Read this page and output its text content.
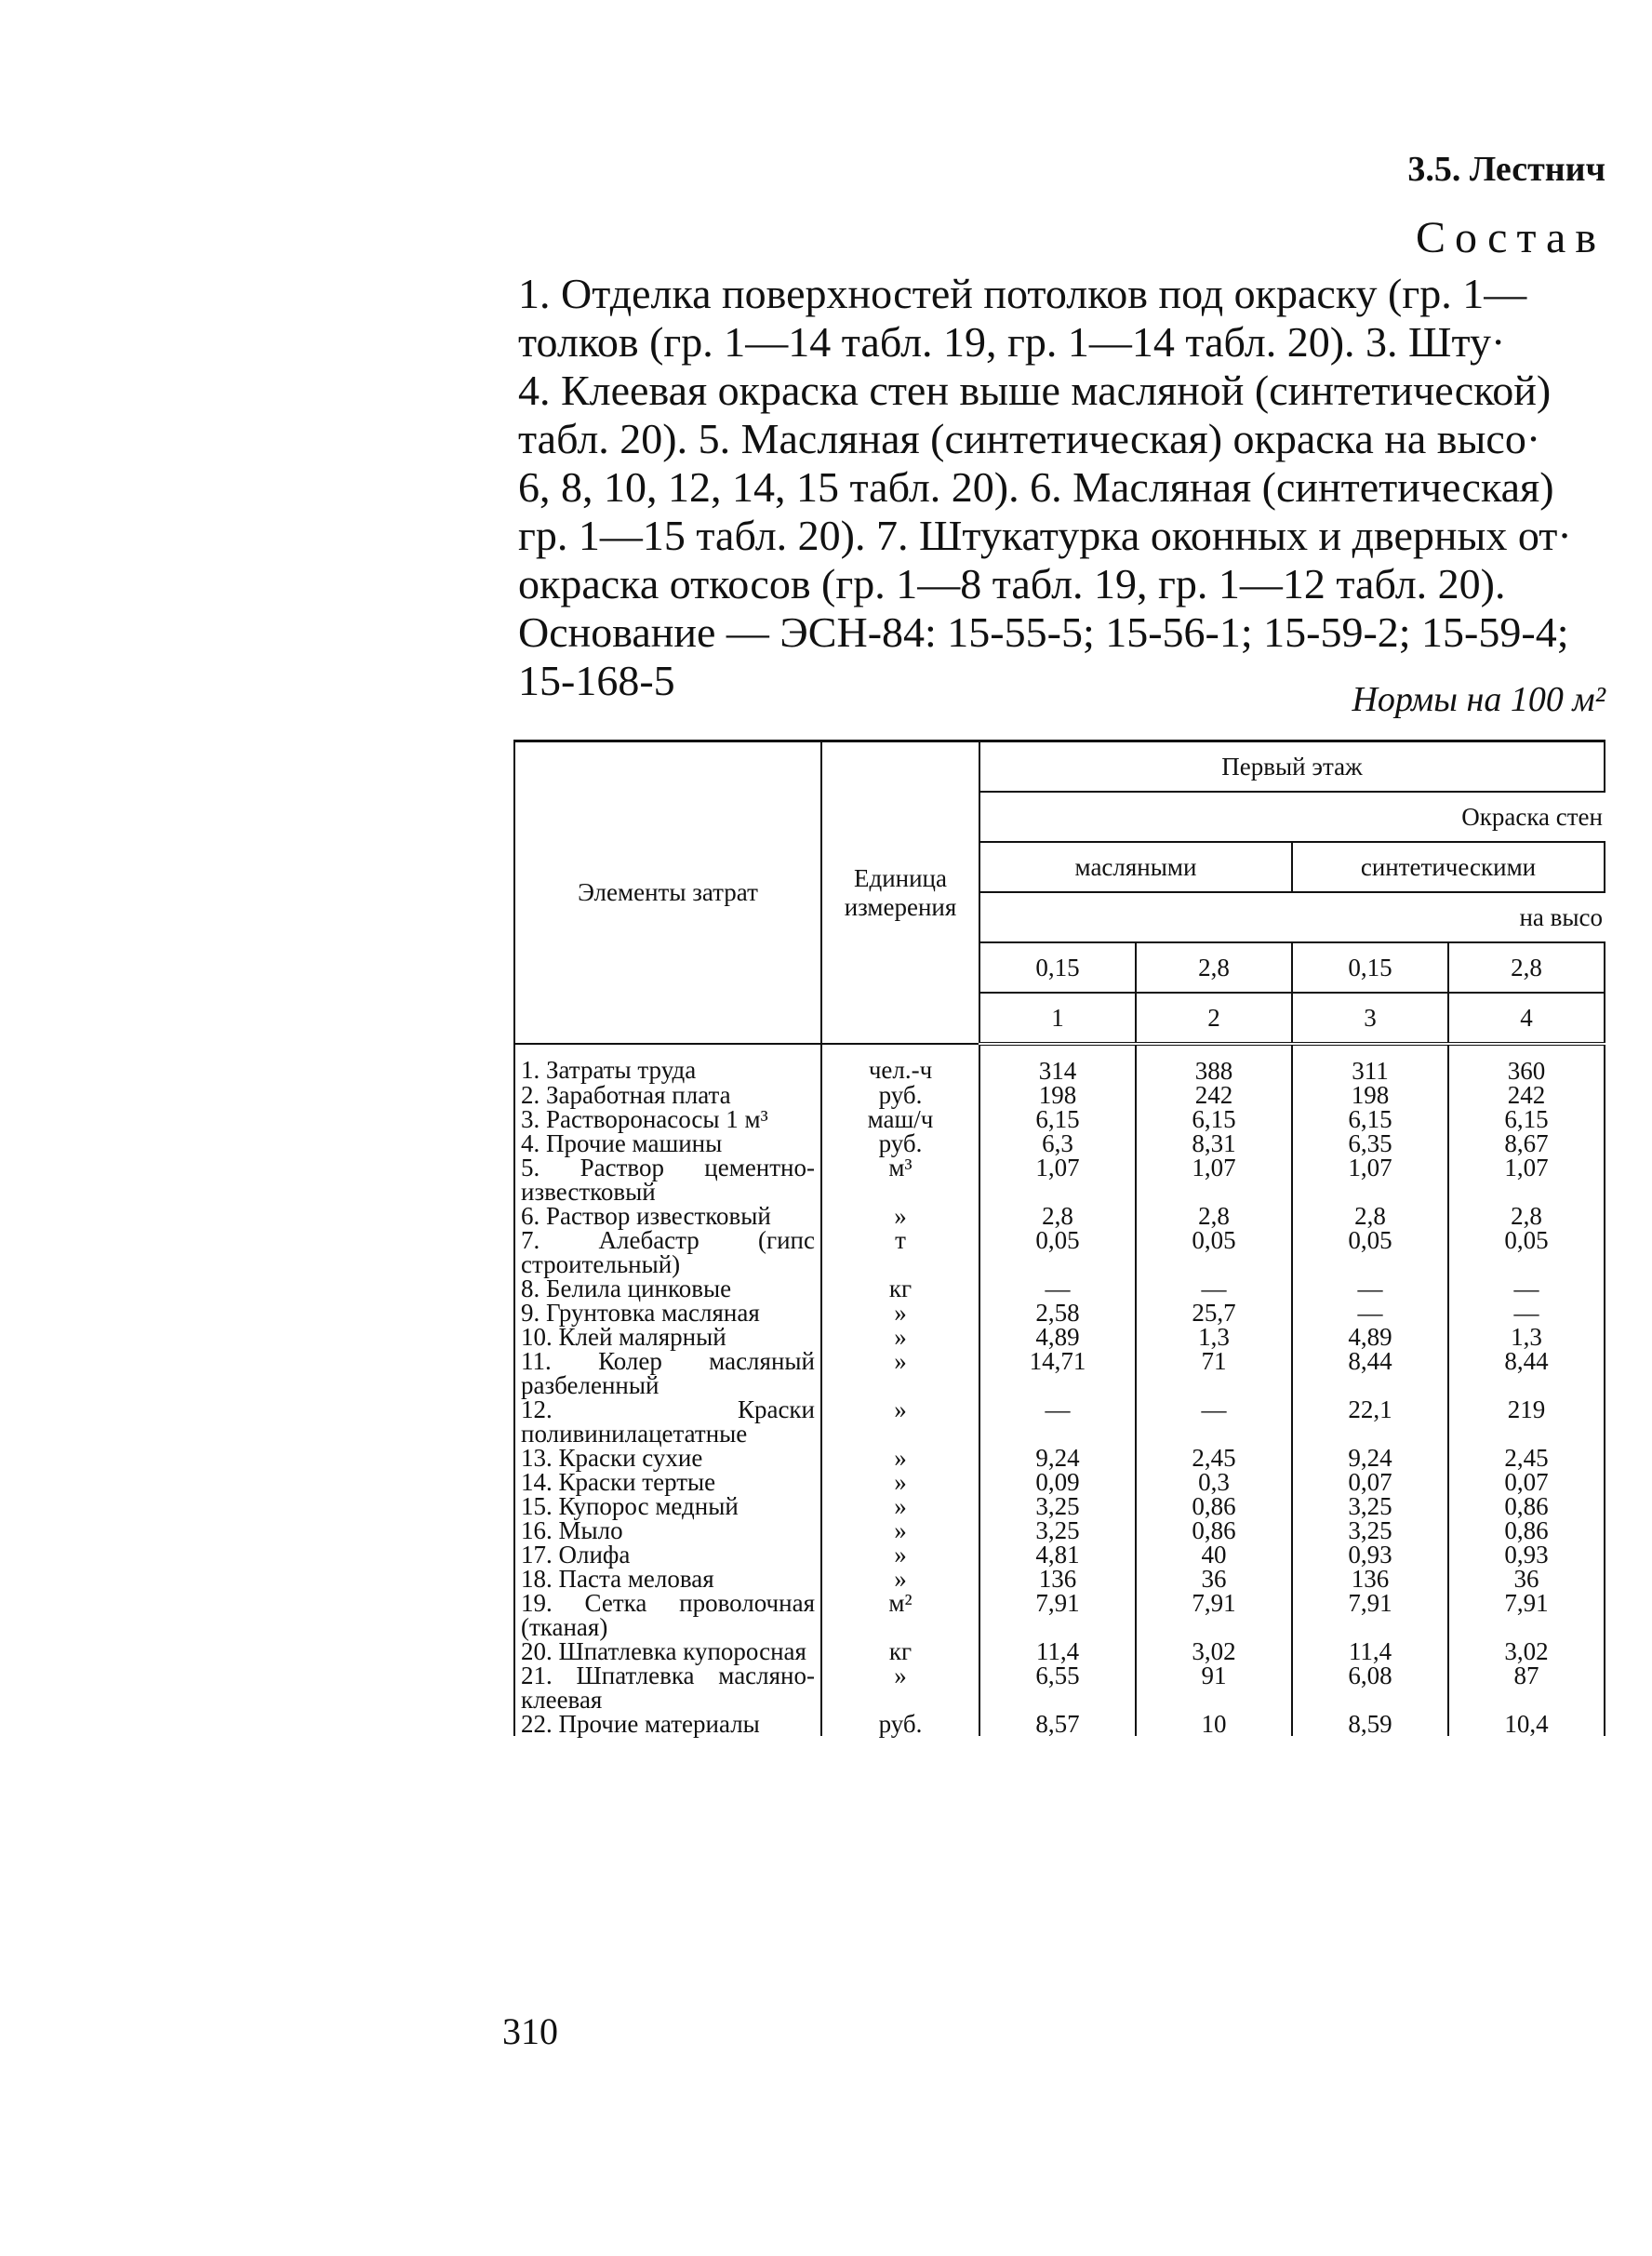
3.5. Лестнич
Состав
1. Отделка поверхностей потолков под окраску (гр. 1—
толков (гр. 1—14 табл. 19, гр. 1—14 табл. 20). 3. Шту·
4. Клеевая окраска стен выше масляной (синтетической)
табл. 20). 5. Масляная (синтетическая) окраска на высо·
6, 8, 10, 12, 14, 15 табл. 20). 6. Масляная (синтетическая)
гр. 1—15 табл. 20). 7. Штукатурка оконных и дверных от·
окраска откосов (гр. 1—8 табл. 19, гр. 1—12 табл. 20).
Основание — ЭСН-84: 15-55-5; 15-56-1; 15-59-2; 15-59-4;
15-168-5	Нормы на 100 м²
Элементы затрат	Единица измерения	Первый этаж			
		Окраска стен			
		масляными		синтетическими	
		на высо			
		0,15	2,8	0,15	2,8
		1	2	3	4
1. Затраты труда	чел.-ч	314	388	311	360
2. Заработная плата	руб.	198	242	198	242
3. Растворонасосы 1 м³	маш/ч	6,15	6,15	6,15	6,15
4. Прочие машины	руб.	6,3	8,31	6,35	8,67
5. Раствор цементно-известковый	м³	1,07	1,07	1,07	1,07
6. Раствор известковый	»	2,8	2,8	2,8	2,8
7. Алебастр (гипс строительный)	т	0,05	0,05	0,05	0,05
8. Белила цинковые	кг	—	—	—	—
9. Грунтовка масляная	»	2,58	25,7	—	—
10. Клей малярный	»	4,89	1,3	4,89	1,3
11. Колер масляный разбеленный	»	14,71	71	8,44	8,44
12. Краски поливинилацетатные	»	—	—	22,1	219
13. Краски сухие	»	9,24	2,45	9,24	2,45
14. Краски тертые	»	0,09	0,3	0,07	0,07
15. Купорос медный	»	3,25	0,86	3,25	0,86
16. Мыло	»	3,25	0,86	3,25	0,86
17. Олифа	»	4,81	40	0,93	0,93
18. Паста меловая	»	136	36	136	36
19. Сетка проволочная (тканая)	м²	7,91	7,91	7,91	7,91
20. Шпатлевка купоросная	кг	11,4	3,02	11,4	3,02
21. Шпатлевка масляно-клеевая	»	6,55	91	6,08	87
22. Прочие материалы	руб.	8,57	10	8,59	10,4
310
